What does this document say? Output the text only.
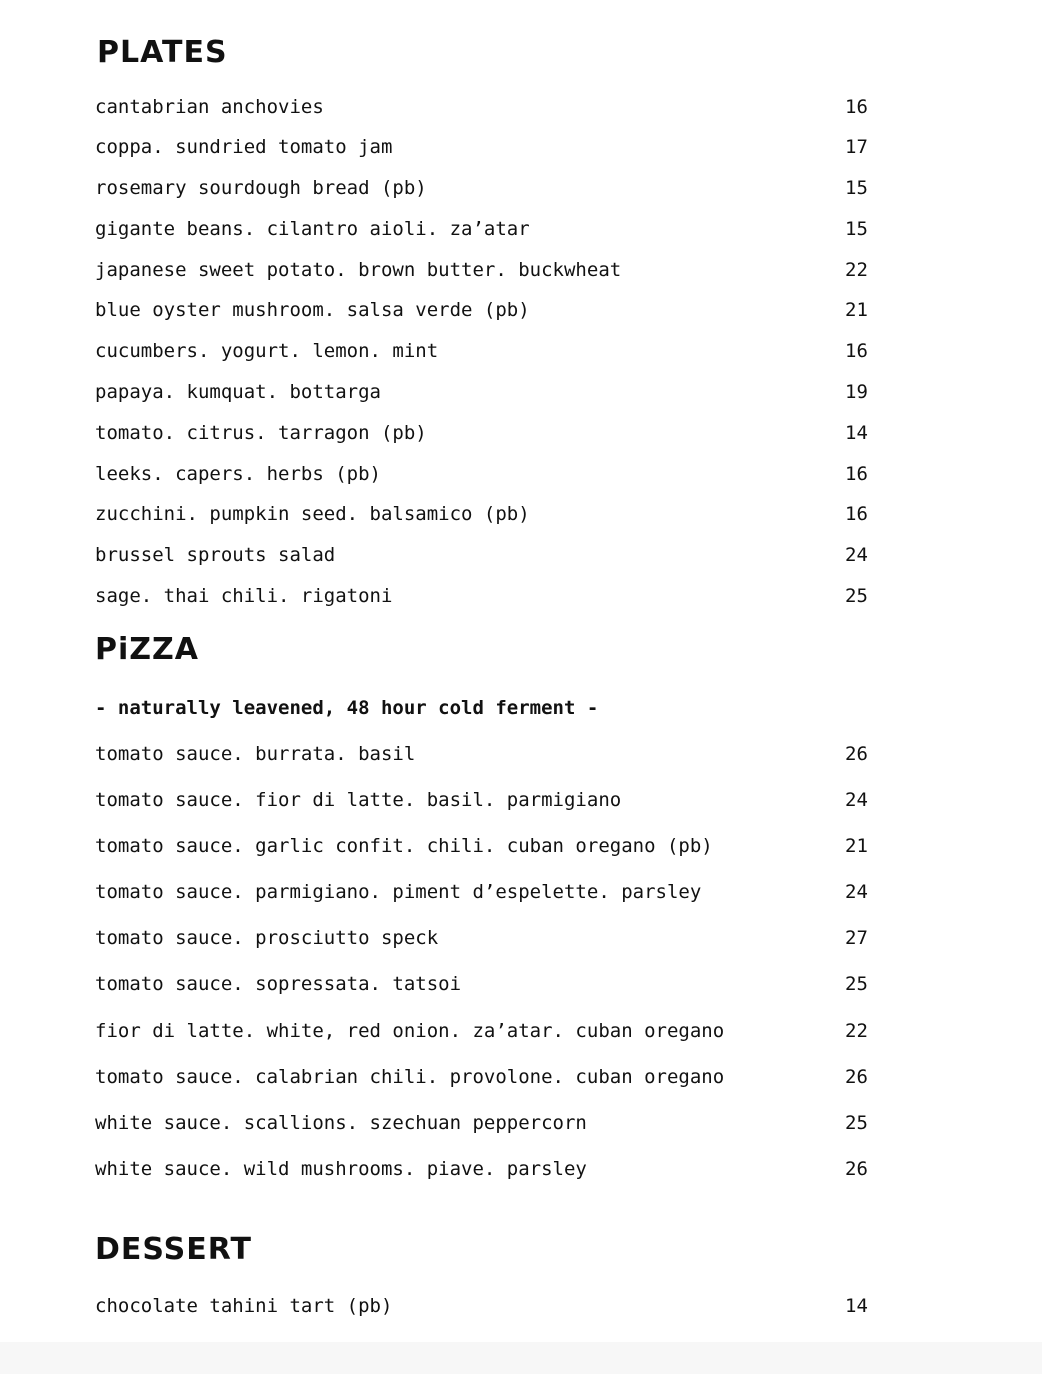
PLATES
cantabrian anchovies	16
coppa. sundried tomato jam	17
rosemary sourdough bread (pb)	15
gigante beans. cilantro aioli. za’atar	15
japanese sweet potato. brown butter. buckwheat	22
blue oyster mushroom. salsa verde (pb)	21
cucumbers. yogurt. lemon. mint	16
papaya. kumquat. bottarga	19
tomato. citrus. tarragon (pb)	14
leeks. capers. herbs (pb)	16
zucchini. pumpkin seed. balsamico (pb)	16
brussel sprouts salad	24
sage. thai chili. rigatoni	25
PiZZA
- naturally leavened, 48 hour cold ferment -
tomato sauce. burrata. basil	26
tomato sauce. fior di latte. basil. parmigiano	24
tomato sauce. garlic confit. chili. cuban oregano (pb)	21
tomato sauce. parmigiano. piment d’espelette. parsley	24
tomato sauce. prosciutto speck	27
tomato sauce. sopressata. tatsoi	25
fior di latte. white, red onion. za’atar. cuban oregano	22
tomato sauce. calabrian chili. provolone. cuban oregano	26
white sauce. scallions. szechuan peppercorn	25
white sauce. wild mushrooms. piave. parsley	26
DESSERT
chocolate tahini tart (pb)	14
